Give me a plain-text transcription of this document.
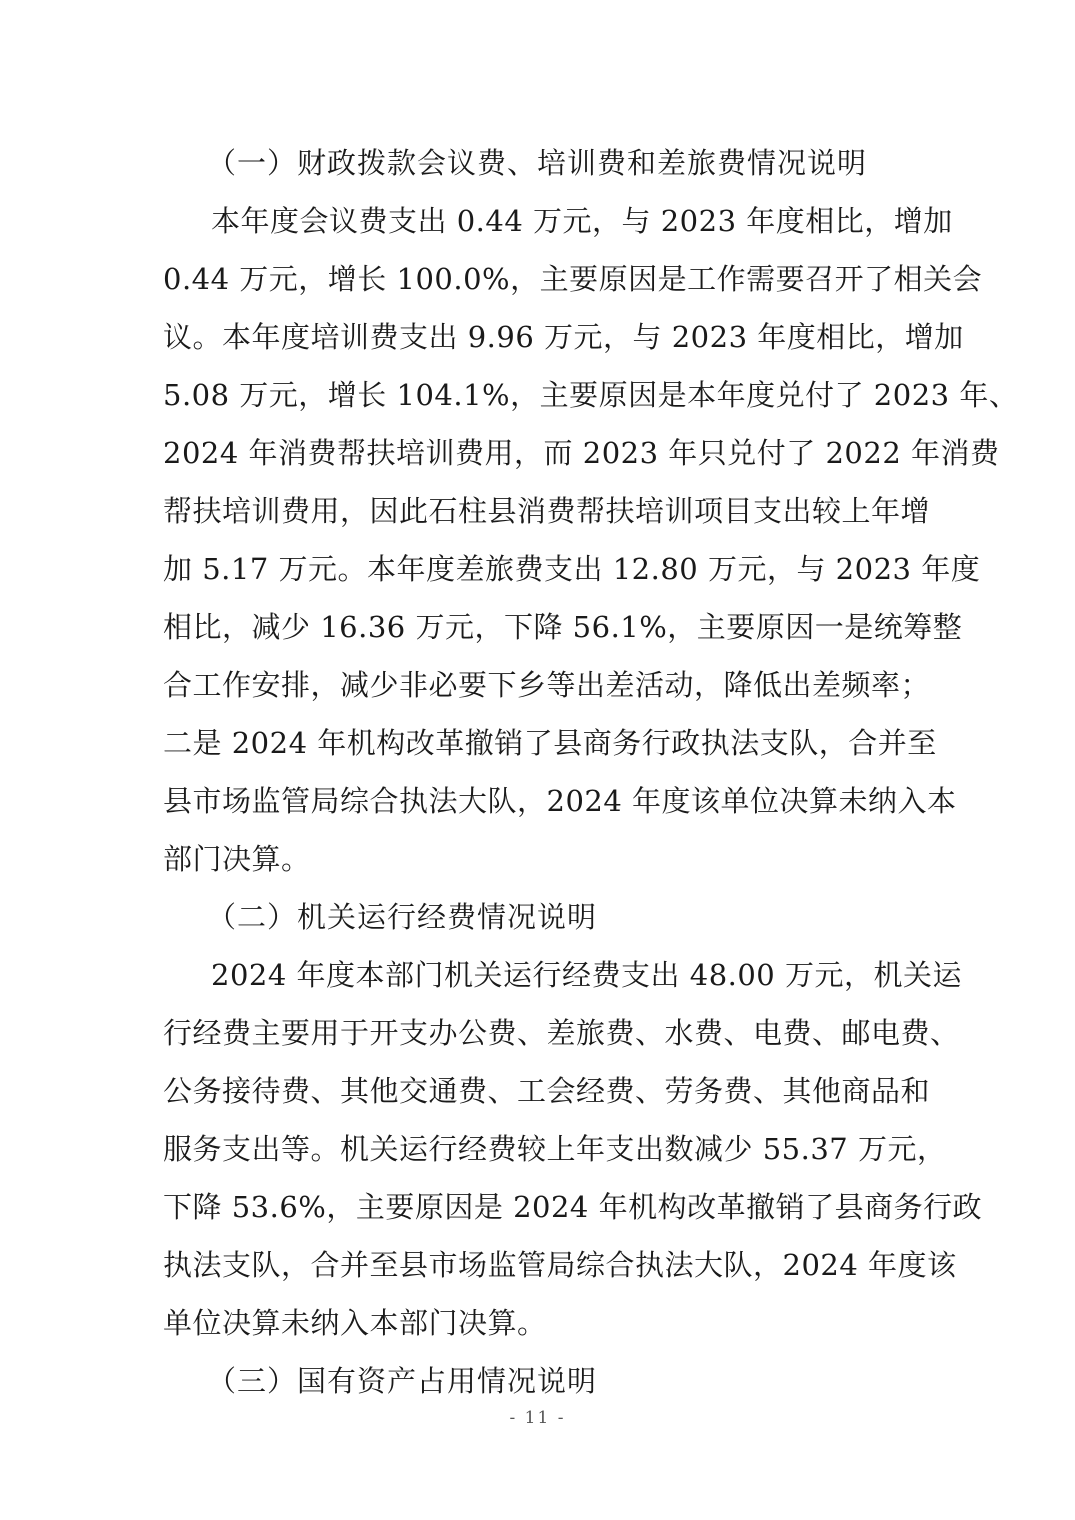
（一）财政拨款会议费、培训费和差旅费情况说明
本年度会议费支出 0.44 万元，与 2023 年度相比，增加
0.44 万元，增长 100.0%，主要原因是工作需要召开了相关会
议。本年度培训费支出 9.96 万元，与 2023 年度相比，增加
5.08 万元，增长 104.1%，主要原因是本年度兑付了 2023 年、
2024 年消费帮扶培训费用，而 2023 年只兑付了 2022 年消费
帮扶培训费用，因此石柱县消费帮扶培训项目支出较上年增
加 5.17 万元。本年度差旅费支出 12.80 万元，与 2023 年度
相比，减少 16.36 万元，下降 56.1%，主要原因一是统筹整
合工作安排，减少非必要下乡等出差活动，降低出差频率；
二是 2024 年机构改革撤销了县商务行政执法支队，合并至
县市场监管局综合执法大队，2024 年度该单位决算未纳入本
部门决算。
（二）机关运行经费情况说明
2024 年度本部门机关运行经费支出 48.00 万元，机关运
行经费主要用于开支办公费、差旅费、水费、电费、邮电费、
公务接待费、其他交通费、工会经费、劳务费、其他商品和
服务支出等。机关运行经费较上年支出数减少 55.37 万元，
下降 53.6%，主要原因是 2024 年机构改革撤销了县商务行政
执法支队，合并至县市场监管局综合执法大队，2024 年度该
单位决算未纳入本部门决算。
（三）国有资产占用情况说明
- 11 -
